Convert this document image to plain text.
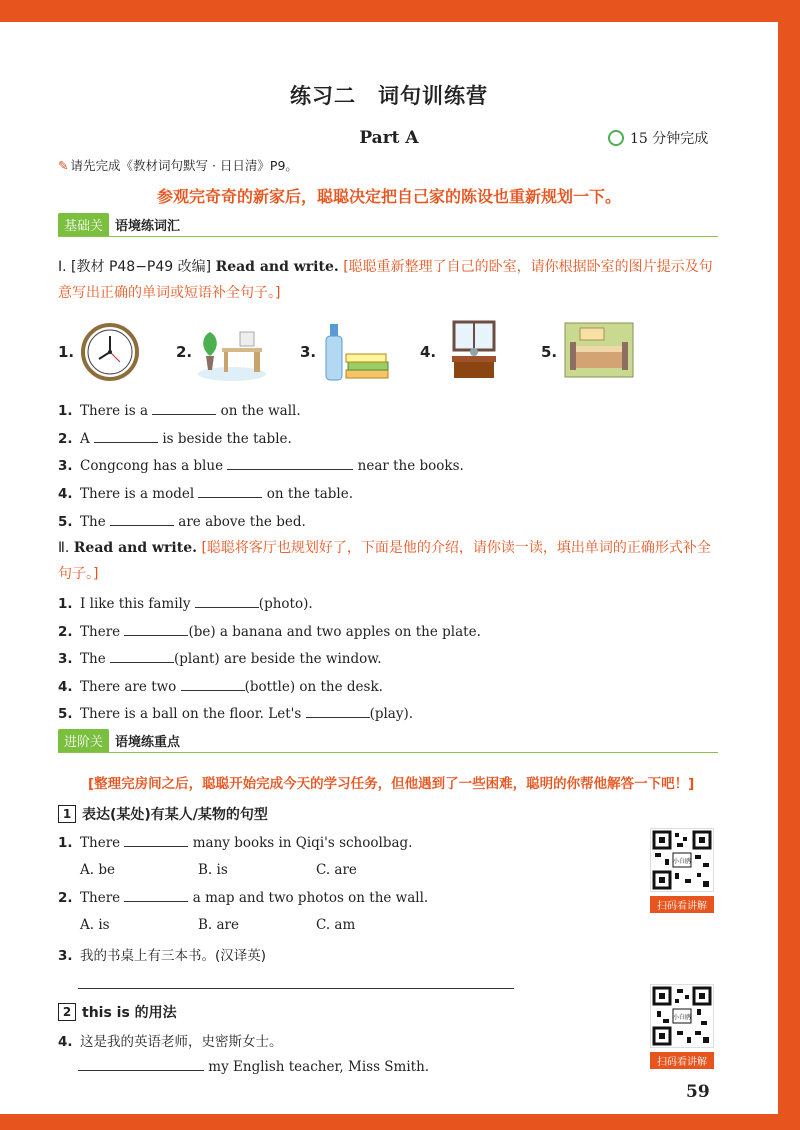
练习二　词句训练营
Part A	15 分钟完成
✎ 请先完成《教材词句默写 · 日日清》P9。
参观完奇奇的新家后，聪聪决定把自己家的陈设也重新规划一下。
基础关 语境练词汇
Ⅰ. [教材 P48−P49 改编] Read and write. [聪聪重新整理了自己的卧室，请你根据卧室的图片提示及句意写出正确的单词或短语补全句子。]
1.	2.	3.	4.	5.
1. There is a	on the wall.
2. A	is beside the table.
3. Congcong has a blue	near the books.
4. There is a model	on the table.
5. The	are above the bed.
Ⅱ. Read and write. [聪聪将客厅也规划好了，下面是他的介绍，请你读一读，填出单词的正确形式补全句子。]
1. I like this family	(photo).
2. There	(be) a banana and two apples on the plate.
3. The	(plant) are beside the window.
4. There are two	(bottle) on the desk.
5. There is a ball on the floor. Let's	(play).
进阶关 语境练重点
[整理完房间之后，聪聪开始完成今天的学习任务，但他遇到了一些困难，聪明的你帮他解答一下吧！]
1 表达(某处)有某人/某物的句型
1. There	many books in Qiqi's schoolbag.
A. be	B. is	C. are
2. There	a map and two photos on the wall.
A. is	B. are	C. am
3. 我的书桌上有三本书。(汉译英)
2 this is 的用法
4. 这是我的英语老师，史密斯女士。
my English teacher, Miss Smith.
小白鸥
扫码看讲解
小白鸥
扫码看讲解
59
